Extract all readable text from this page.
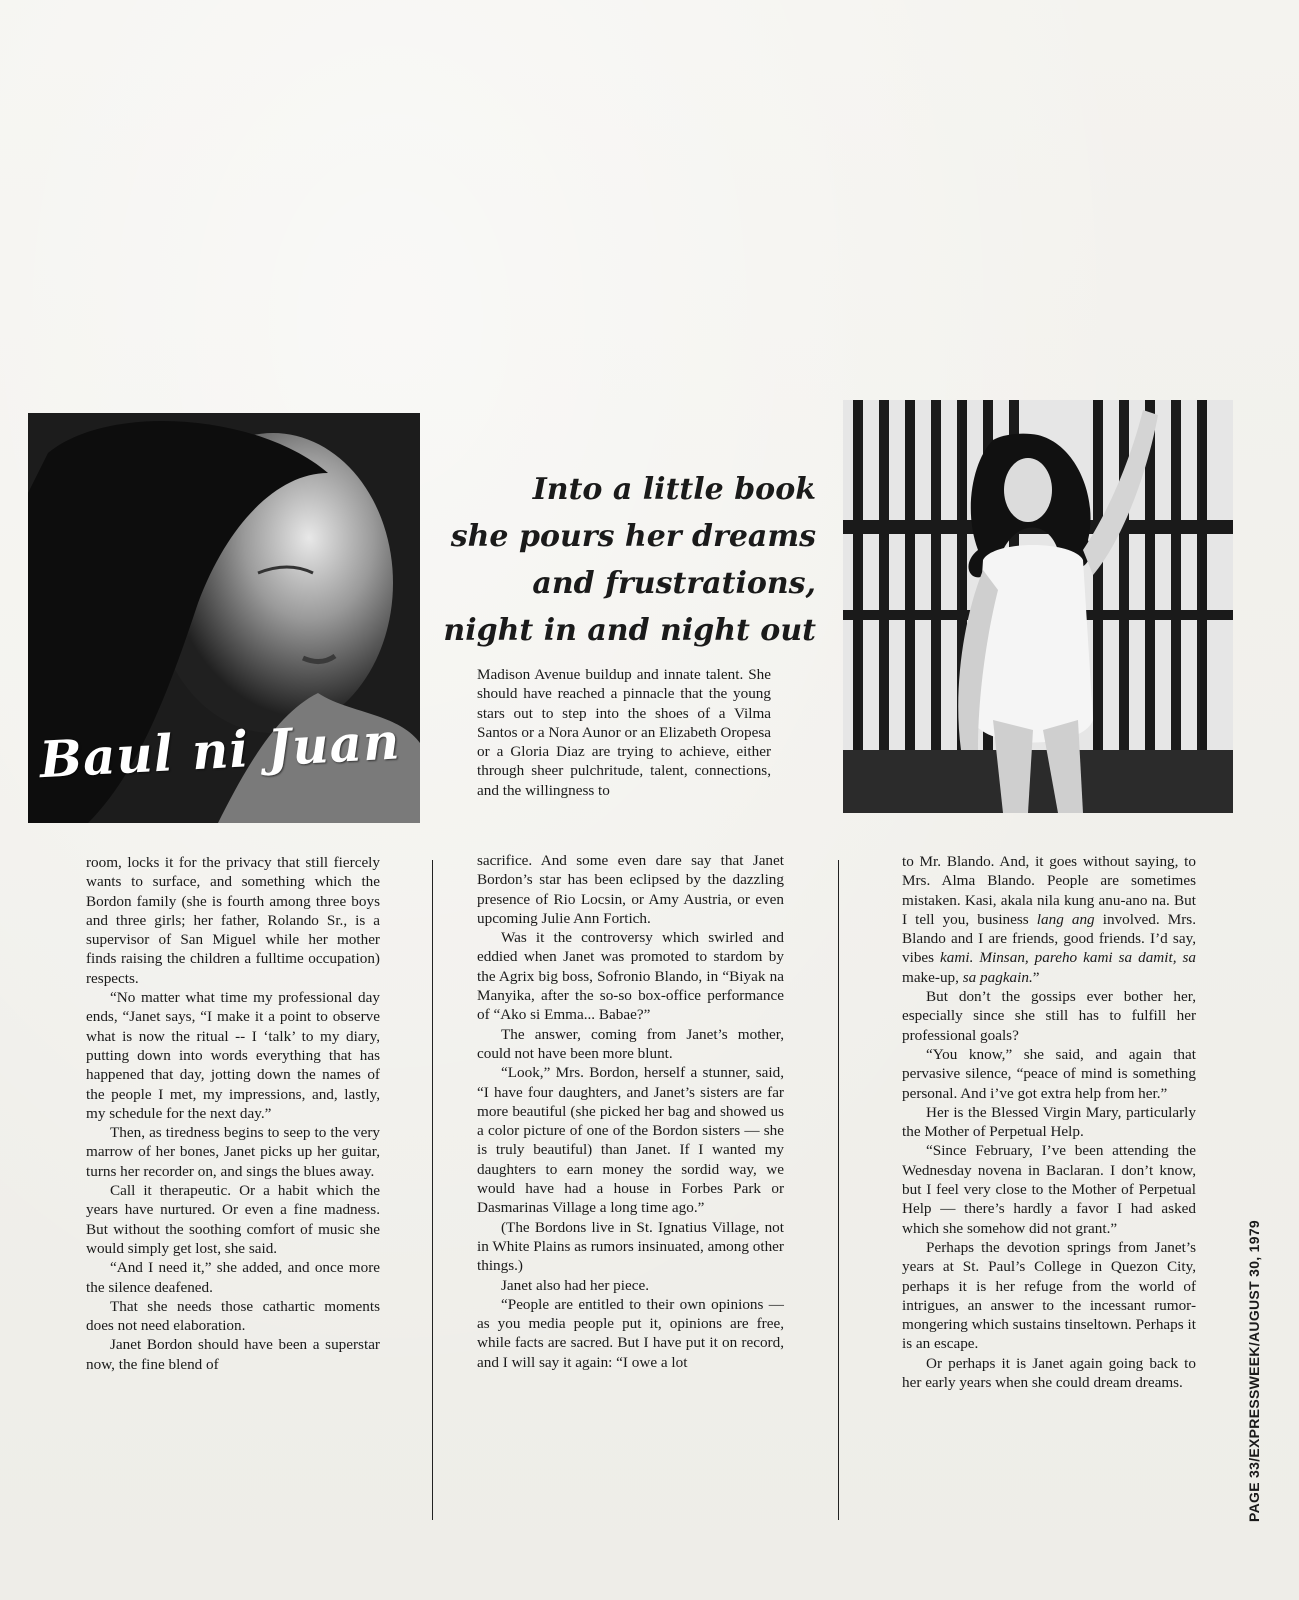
Baul ni Juan
Into a little book
she pours her dreams
and frustrations,
night in and night out

Madison Avenue buildup and innate talent. She should have reached a pinnacle that the young stars out to step into the shoes of a Vilma Santos or a Nora Aunor or an Elizabeth Oropesa or a Gloria Diaz are trying to achieve, either through sheer pulchritude, talent, connections, and the willingness to

room, locks it for the privacy that still fiercely wants to surface, and something which the Bordon family (she is fourth among three boys and three girls; her father, Rolando Sr., is a supervisor of San Miguel while her mother finds raising the children a fulltime occupation) respects.

“No matter what time my professional day ends, “Janet says, “I make it a point to observe what is now the ritual -- I ‘talk’ to my diary, putting down into words everything that has happened that day, jotting down the names of the people I met, my impressions, and, lastly, my schedule for the next day.”

Then, as tiredness begins to seep to the very marrow of her bones, Janet picks up her guitar, turns her recorder on, and sings the blues away.

Call it therapeutic. Or a habit which the years have nurtured. Or even a fine madness. But without the soothing comfort of music she would simply get lost, she said.

“And I need it,” she added, and once more the silence deafened.

That she needs those cathartic moments does not need elaboration.

Janet Bordon should have been a superstar now, the fine blend of

sacrifice. And some even dare say that Janet Bordon’s star has been eclipsed by the dazzling presence of Rio Locsin, or Amy Austria, or even upcoming Julie Ann Fortich.

Was it the controversy which swirled and eddied when Janet was promoted to stardom by the Agrix big boss, Sofronio Blando, in “Biyak na Manyika, after the so-so box-office performance of “Ako si Emma... Babae?”

The answer, coming from Janet’s mother, could not have been more blunt.

“Look,” Mrs. Bordon, herself a stunner, said, “I have four daughters, and Janet’s sisters are far more beautiful (she picked her bag and showed us a color picture of one of the Bordon sisters — she is truly beautiful) than Janet. If I wanted my daughters to earn money the sordid way, we would have had a house in Forbes Park or Dasmarinas Village a long time ago.”

(The Bordons live in St. Ignatius Village, not in White Plains as rumors insinuated, among other things.)

Janet also had her piece.

“People are entitled to their own opinions — as you media people put it, opinions are free, while facts are sacred. But I have put it on record, and I will say it again: “I owe a lot

to Mr. Blando. And, it goes without saying, to Mrs. Alma Blando. People are sometimes mistaken. Kasi, akala nila kung anu-ano na. But I tell you, business lang ang involved. Mrs. Blando and I are friends, good friends. I’d say, vibes kami. Minsan, pareho kami sa damit, sa make-up, sa pagkain.”

But don’t the gossips ever bother her, especially since she still has to fulfill her professional goals?

“You know,” she said, and again that pervasive silence, “peace of mind is something personal. And i’ve got extra help from her.”

Her is the Blessed Virgin Mary, particularly the Mother of Perpetual Help.

“Since February, I’ve been attending the Wednesday novena in Baclaran. I don’t know, but I feel very close to the Mother of Perpetual Help — there’s hardly a favor I had asked which she somehow did not grant.”

Perhaps the devotion springs from Janet’s years at St. Paul’s College in Quezon City, perhaps it is her refuge from the world of intrigues, an answer to the incessant rumor-mongering which sustains tinseltown. Perhaps it is an escape.

Or perhaps it is Janet again going back to her early years when she could dream dreams.	PAGE 33/EXPRESSWEEK/AUGUST 30, 1979
